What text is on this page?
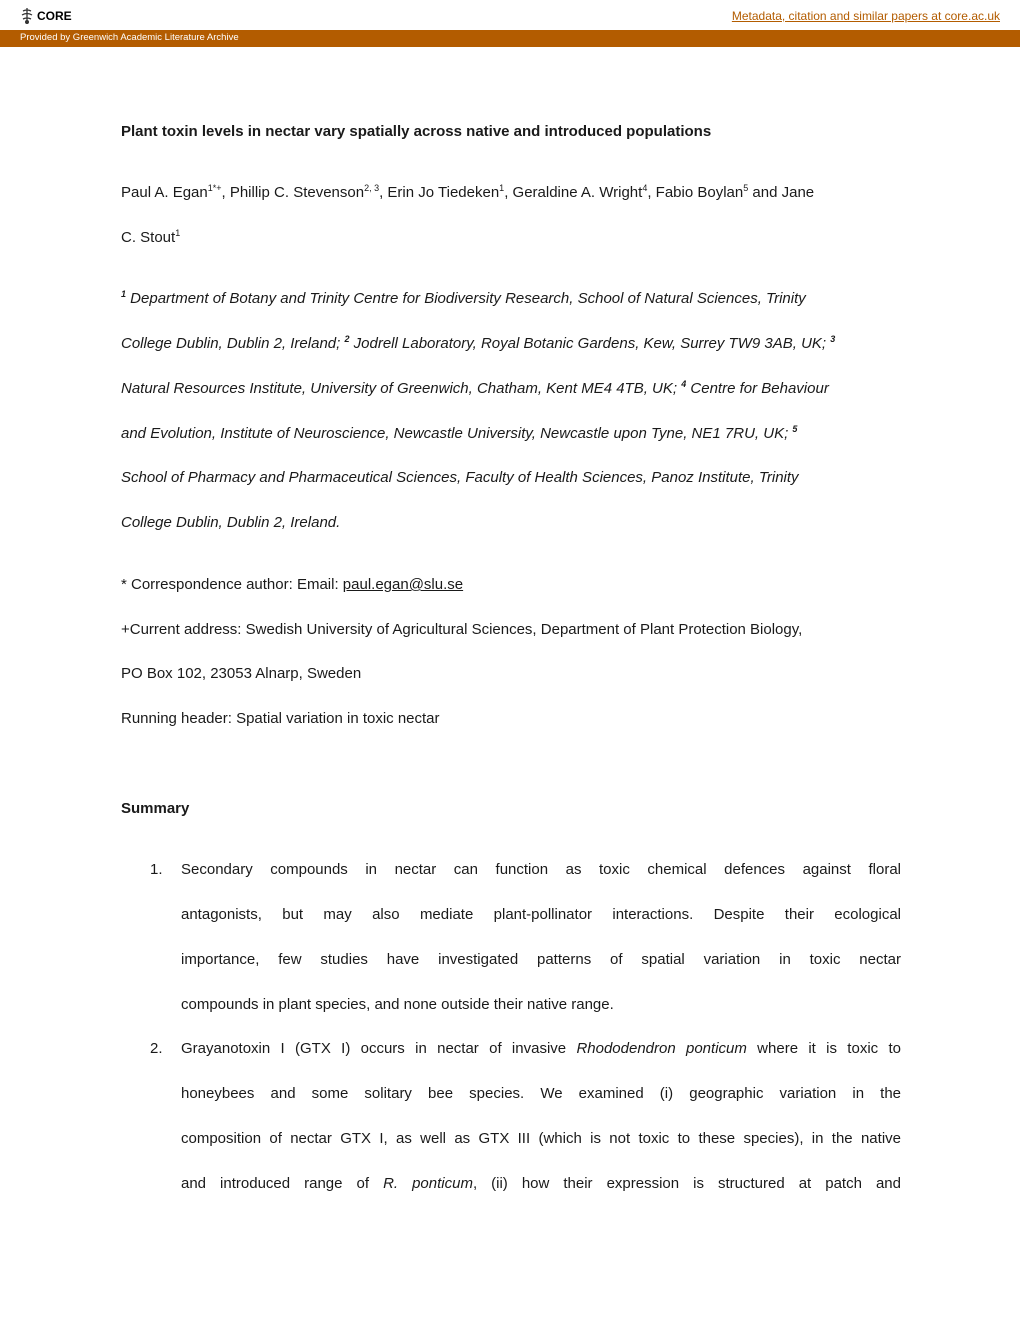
CORE	Metadata, citation and similar papers at core.ac.uk
Provided by Greenwich Academic Literature Archive
Plant toxin levels in nectar vary spatially across native and introduced populations
Paul A. Egan$^{1*+}$, Phillip C. Stevenson$^{2, 3}$, Erin Jo Tiedeken$^1$, Geraldine A. Wright$^4$, Fabio Boylan$^5$ and Jane
C. Stout$^1$
$^1$ Department of Botany and Trinity Centre for Biodiversity Research, School of Natural Sciences, Trinity
College Dublin, Dublin 2, Ireland; $^2$ Jodrell Laboratory, Royal Botanic Gardens, Kew, Surrey TW9 3AB, UK; $^3$
Natural Resources Institute, University of Greenwich, Chatham, Kent ME4 4TB, UK; $^4$ Centre for Behaviour
and Evolution, Institute of Neuroscience, Newcastle University, Newcastle upon Tyne, NE1 7RU, UK; $^5$
School of Pharmacy and Pharmaceutical Sciences, Faculty of Health Sciences, Panoz Institute, Trinity
College Dublin, Dublin 2, Ireland.
* Correspondence author: Email: paul.egan@slu.se
+Current address: Swedish University of Agricultural Sciences, Department of Plant Protection Biology,
PO Box 102, 23053 Alnarp, Sweden
Running header: Spatial variation in toxic nectar
Summary
1. Secondary compounds in nectar can function as toxic chemical defences against floral
antagonists, but may also mediate plant-pollinator interactions. Despite their ecological
importance, few studies have investigated patterns of spatial variation in toxic nectar
compounds in plant species, and none outside their native range.
2. Grayanotoxin I (GTX I) occurs in nectar of invasive Rhododendron ponticum where it is toxic to
honeybees and some solitary bee species. We examined (i) geographic variation in the
composition of nectar GTX I, as well as GTX III (which is not toxic to these species), in the native
and introduced range of R. ponticum, (ii) how their expression is structured at patch and
